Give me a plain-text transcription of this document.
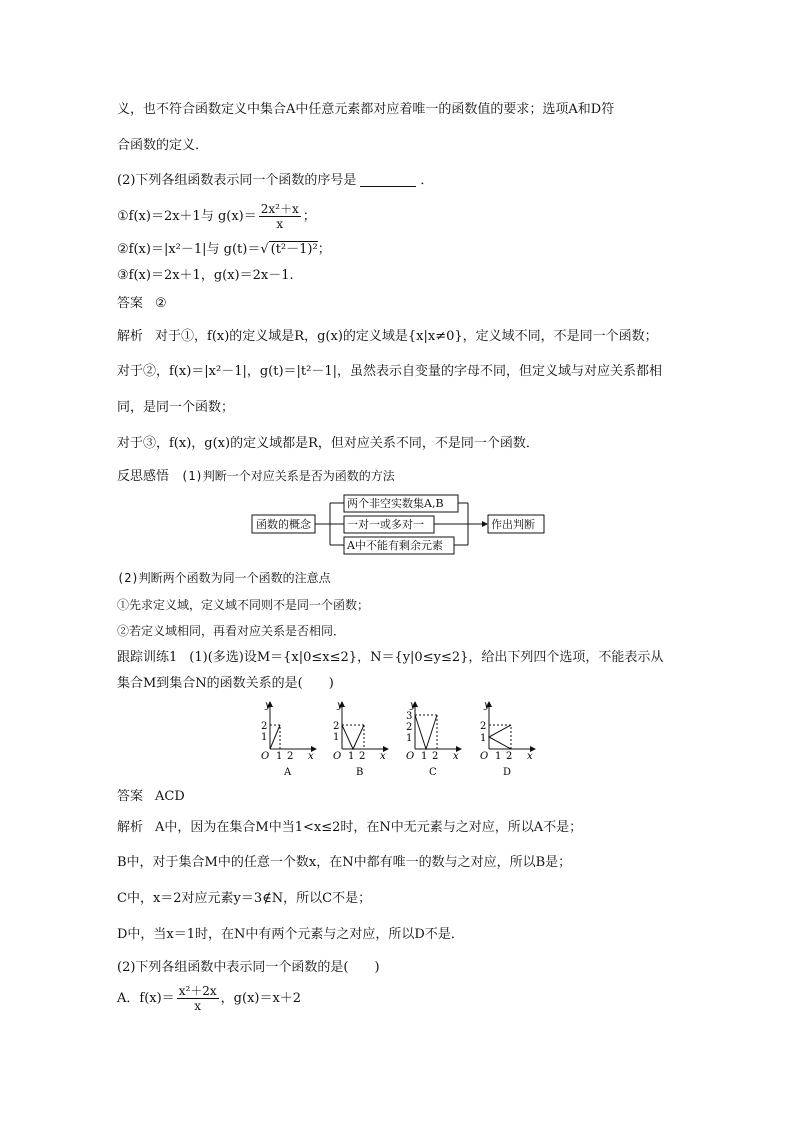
义，也不符合函数定义中集合A中任意元素都对应着唯一的函数值的要求；选项A和D符
合函数的定义．
(2)下列各组函数表示同一个函数的序号是	．
①f(x)＝2x＋1与 $g(x)= \frac{\text{2x²＋x}}{x}$ ；
②f(x)＝|x²－1|与 g(t)＝√ (t²－1)²；
③f(x)＝2x＋1，g(x)＝2x－1.
答案 ②
解析 对于①，f(x)的定义域是R，g(x)的定义域是{x|x≠0}，定义域不同，不是同一个函数；
对于②，f(x)＝|x²－1|，g(t)＝|t²－1|，虽然表示自变量的字母不同，但定义域与对应关系都相
同，是同一个函数；
对于③，f(x)，g(x)的定义域都是R，但对应关系不同，不是同一个函数．
反思感悟 (1)判断一个对应关系是否为函数的方法
函数的概念
两个非空实数集A,B
一对一或多对一
A中不能有剩余元素
作出判断
(2)判断两个函数为同一个函数的注意点
①先求定义域，定义域不同则不是同一个函数；
②若定义域相同，再看对应关系是否相同．
跟踪训练1 (1)(多选)设M＝{x|0≤x≤2}，N＝{y|0≤y≤2}，给出下列四个选项，不能表示从
集合M到集合N的函数关系的是(　　)
y
2
1
O 1 2 x
A
y
2
1
O 1 2 x
B
y
3
2
1
O 1 2 x
C
y
2
1
O 1 2 x
D
答案 ACD
解析 A中，因为在集合M中当1<x≤2时，在N中无元素与之对应，所以A不是；
B中，对于集合M中的任意一个数x，在N中都有唯一的数与之对应，所以B是；
C中，x＝2对应元素y＝3∉N，所以C不是；
D中，当x＝1时，在N中有两个元素与之对应，所以D不是．
(2)下列各组函数中表示同一个函数的是(　　)
A．$f(x)= \frac{\text{x²＋2x}}{x}$ ，g(x)＝x＋2
